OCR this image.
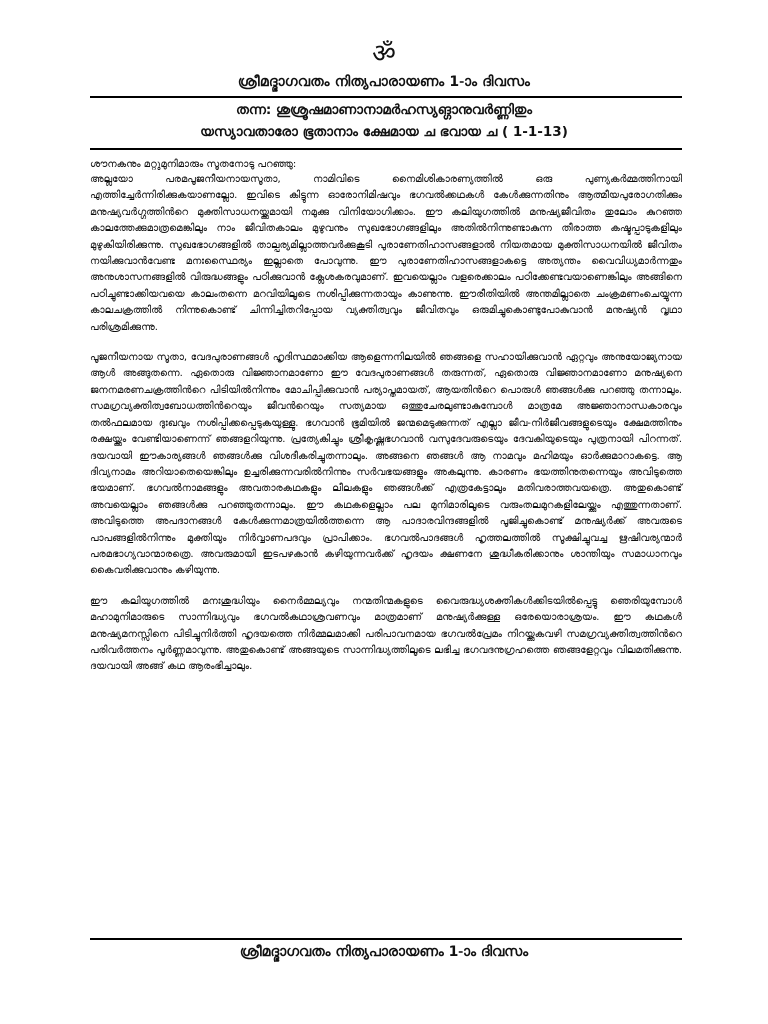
ॐ
ശ്രീമദ്ഭാഗവതം നിത്യപാരായണം 1-ാം ദിവസം
തന്ന: ശുശ്രൂഷമാണാനാമർഹസ്യങ്ഗാനുവർണ്ണിതും
യസ്യാവതാരോ ഭൂതാനാം ക്ഷേമായ ച ഭവായ ച ( 1-1-13)

ശൗനകനും മറ്റുമുനിമാരും സൂതനോടു പറഞ്ഞു:

അല്ലയോ പരമപൂജനീയനായസൂതാ, നാമിവിടെ നൈമിശികാരണ്യത്തിൽ ഒരു പുണ്യകർമ്മത്തിനായി എത്തിച്ചേർന്നിരിക്കുകയാണല്ലോ. ഇവിടെ കിട്ടുന്ന ഓരോനിമിഷവും ഭഗവൽക്കഥകൾ കേൾക്കുന്നതിനും ആത്മീയപുരോഗതിക്കും മനുഷ്യവർഗ്ഗത്തിൻറെ മുക്തിസാധനയ്ക്കുമായി നമുക്കു വിനിയോഗിക്കാം. ഈ കലിയുഗത്തിൽ മനുഷ്യജീവിതം തുലോം കുറഞ്ഞ കാലത്തേക്കുമാത്രമെങ്കിലും നാം ജീവിതകാലം മുഴുവനും സുഖഭോഗങ്ങളിലും അതിൽനിന്നുണ്ടാകുന്ന തീരാത്ത കഷ്ടപ്പാടുകളിലും മുഴുകിയിരിക്കുന്നു. സുഖഭോഗങ്ങളിൽ താല്പര്യമില്ലാത്തവർക്കുകൂടി പുരാണേതിഹാസങ്ങളാൽ നിയതമായ മുക്തിസാധനയിൽ ജീവിതം നയിക്കുവാൻവേണ്ട മനഃസ്ഥൈര്യം ഇല്ലാതെ പോവുന്നു. ഈ പുരാണേതിഹാസങ്ങളാകട്ടെ അത്യന്തം വൈവിധ്യമാർന്നതും അനുശാസനങ്ങളിൽ വിരുദ്ധങ്ങളും പഠിക്കുവാൻ ക്ലേശകരവുമാണ്. ഇവയെല്ലാം വളരെക്കാലം പഠിക്കേണ്ടവയാണെങ്കിലും അങ്ങിനെ പഠിച്ചുണ്ടാക്കിയവയെ കാലംതന്നെ മറവിയിലൂടെ നശിപ്പിക്കുന്നതായും കാണുന്നു. ഈരീതിയിൽ അന്തമില്ലാതെ ചംക്രമണംചെയ്യുന്ന കാലചക്രത്തിൽ നിന്നുകൊണ്ട് ചിന്നിച്ചിതറിപ്പോയ വ്യക്തിത്വവും ജീവിതവും ഒരുമിച്ചുകൊണ്ടുപോകുവാൻ മനുഷ്യൻ വൃഥാ പരിശ്രമിക്കുന്നു.

പൂജനീയനായ സൂതാ, വേദപുരാണങ്ങൾ ഹൃദിസ്ഥമാക്കിയ ആളെന്നനിലയിൽ ഞങ്ങളെ സഹായിക്കുവാൻ ഏറ്റവും അനുയോജ്യനായ ആൾ അങ്ങുതന്നെ. ഏതൊരു വിജ്ഞാനമാണോ ഈ വേദപുരാണങ്ങൾ തരുന്നത്, ഏതൊരു വിജ്ഞാനമാണോ മനുഷ്യനെ ജനനമരണചക്രത്തിൻറെ പിടിയിൽനിന്നും മോചിപ്പിക്കുവാൻ പര്യാപ്തമായത്, ആയതിൻറെ പൊരുൾ ഞങ്ങൾക്കു പറഞ്ഞു തന്നാലും. സമഗ്രവ്യക്തിത്വബോധത്തിൻറെയും ജീവൻറെയും സത്യമായ ഒത്തുചേരലുണ്ടാകുമ്പോൾ മാത്രമേ അജ്ഞാനാന്ധകാരവും തൽഫലമായ ദുഃഖവും നശിപ്പിക്കപ്പെടുകയുള്ളു. ഭഗവാൻ ഭൂമിയിൽ ജന്മമെടുക്കുന്നത് എല്ലാ ജീവ-നിർജീവങ്ങളുടെയും ക്ഷേമത്തിനും രക്ഷയ്ക്കും വേണ്ടിയാണെന്ന് ഞങ്ങളറിയുന്നു. പ്രത്യേകിച്ചും ശ്രീകൃഷ്ണഭഗവാൻ വസുദേവരുടെയും ദേവകിയുടെയും പുത്രനായി പിറന്നത്. ദയവായി ഈകാര്യങ്ങൾ ഞങ്ങൾക്കു വിശദീകരിച്ചുതന്നാലും. അങ്ങനെ ഞങ്ങൾ ആ നാമവും മഹിമയും ഓർക്കുമാറാകട്ടെ. ആ ദിവ്യനാമം അറിയാതെയെങ്കിലും ഉച്ചരിക്കുന്നവരിൽനിന്നും സർവഭയങ്ങളും അകലുന്നു. കാരണം ഭയത്തിനുതന്നെയും അവിടുത്തെ ഭയമാണ്. ഭഗവൽനാമങ്ങളും അവതാരകഥകളും ലീലകളും ഞങ്ങൾക്ക് എത്രകേട്ടാലും മതിവരാത്തവയത്രെ. അതുകൊണ്ട് അവയെല്ലാം ഞങ്ങൾക്കു പറഞ്ഞുതന്നാലും. ഈ കഥകളെല്ലാം പല മുനിമാരിലൂടെ വരുംതലമുറകളിലേയ്ക്കും എത്തുന്നതാണ്. അവിടുത്തെ അപദാനങ്ങൾ കേൾക്കുന്നമാത്രയിൽത്തന്നെ ആ പാദാരവിന്ദങ്ങളിൽ പൂജിച്ചുകൊണ്ട് മനുഷ്യർക്ക് അവരുടെ പാപങ്ങളിൽനിന്നും മുക്തിയും നിർവ്വാണപദവും പ്രാപിക്കാം. ഭഗവൽപാദങ്ങൾ ഹൃത്തലത്തിൽ സൂക്ഷിച്ചുവച്ച ഋഷിവര്യന്മാർ പരമഭാഗ്യവാന്മാരത്രെ. അവരുമായി ഇടപഴകാൻ കഴിയുന്നവർക്ക് ഹൃദയം ക്ഷണനേ ശുദ്ധീകരിക്കാനും ശാന്തിയും സമാധാനവും കൈവരിക്കുവാനും കഴിയുന്നു.

ഈ കലിയുഗത്തിൽ മനഃശുദ്ധിയും നൈർമ്മല്യവും നന്മതിന്മകളുടെ വൈരുദ്ധ്യശക്തികൾക്കിടയിൽപ്പെട്ടു ഞെരിയുമ്പോൾ മഹാമുനിമാരുടെ സാന്നിദ്ധ്യവും ഭഗവൽകഥാശ്രവണവും മാത്രമാണ് മനുഷ്യർക്കുള്ള ഒരേയൊരാശ്രയം. ഈ കഥകൾ മനുഷ്യമനസ്സിനെ പിടിച്ചുനിർത്തി ഹൃദയത്തെ നിർമ്മലമാക്കി പരിപാവനമായ ഭഗവൽപ്രേമം നിറയ്ക്കുകവഴി സമഗ്രവ്യക്തിത്വത്തിൻറെ പരിവർത്തനം പൂർണ്ണമാവുന്നു. അതുകൊണ്ട് അങ്ങയുടെ സാന്നിദ്ധ്യത്തിലൂടെ ലഭിച്ച ഭഗവദനുഗ്രഹത്തെ ഞങ്ങളേറ്റവും വിലമതിക്കുന്നു. ദയവായി അങ്ങ് കഥ ആരംഭിച്ചാലും.

ശ്രീമദ്ഭാഗവതം നിത്യപാരായണം 1-ാം ദിവസം
